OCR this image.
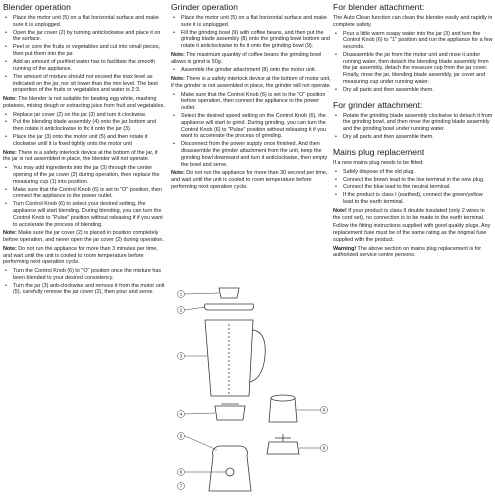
Blender operation
• Place the motor unit (5) on a flat horizontal surface and make sure it is unplugged.
• Open the jar cover (2) by turning anticlockwise and place it on the surface.
• Peel or core the fruits or vegetables and cut into small pieces, then put them into the jar.
• Add an amount of purified water has to facilitate the smooth running of the appliance.
• The amount of mixture should not exceed the max level as indicated on the jar, nor sit lower than the min level. The best proportion of the fruits or vegetables and water is 2:3.

Note: The blender is not suitable for beating egg white, mashing potatoes, mixing dough or extracting juice from fruit and vegetables.

• Replace jar cover (2) on the jar (3) and turn it clockwise.
• Put the blending blade assembly (4) onto the jar bottom and then rotate it anticlockwise to fix it onto the jar (3).
• Place the jar (3) onto the motor unit (5) and then rotate it clockwise until it is fixed tightly onto the motor unit

Note: There is a safety interlock device at the bottom of the jar, if the jar is not assembled in place, the blender will not operate.

• You may add ingredients into the jar (3) through the center opening of the jar cover (2) during operation, then replace the measuring cup (1) into position.
• Make sure that the Control Knob (6) is set to "O" position, then connect the appliance to the power outlet.
• Turn Control Knob (6) to select your desired setting, the appliance will start blending. During blending, you can turn the Control Knob to "Pulse" position without releasing if if you want to accelerate the process of blending.

Note: Make sure the jar cover (2) is placed in position completely before operation, and never open the jar cover (2) during operation.

Note: Do not run the appliance for more than 3 minutes per time, and wait until the unit is cooled to room temperature before performing next operation cycle.

• Turn the Control Knob (6) to "O" position once the mixture has been blended to your desired consistency.
• Turn the jar (3) anti-clockwise and remove it from the motor unit (5), carefully remove the jar cover (2), then pour and serve.
Grinder operation
• Place the motor unit (5) on a flat horizontal surface and make sure it is unplugged.
• Fill the grinding bowl (9) with coffee beans, and then put the grinding blade assembly (8) onto the grinding bowl bottom and rotate it anticlockwise to fix it onto the grinding bowl (9).

Note: The maximum quantity of coffee beans the grinding bowl allows is grind is 50g.

• Assemble the grinder attachment (8) onto the motor unit.

Note: There is a safety interlock device at the bottom of motor unit, if the grinder is not assembled in place, the grinder will not operate.

• Make sure that the Control Knob (6) is set to the "O" position before operation, then connect the appliance to the power outlet.
• Select the desired speed setting on the Control Knob (6), the appliance will start to grind. During grinding, you can turn the Control Knob (6) to "Pulse" position without releasing it if you want to accelerate the process of grinding.
• Disconnect from the power supply once finished. And then disassemble the grinder attachment from the unit, keep the grinding bowl downward and turn it anticlockwise, then empty the bowl and serve.

Note: Do not run the appliance for more than 30 second per time, and wait until the unit is cooled to room temperature before performing next operation cycle.

1
2
3
4
5
6
7
8
9
For blender attachment:

The Auto Clean function can clean the blender easily and rapidly in complete safety.

• Pour a little warm soapy water into the jar (3) and turn the Control Knob (6) to "1" position and run the appliance for a few seconds.
• Disassemble the jar from the motor unit and rinse it under running water, then detach the blending blade assembly from the jar assembly, detach the measure cup from the jar cover. Finally, rinse the jar, blending blade assembly, jar cover and measuring cup under running water.
• Dry all parts and then assemble them.
For grinder attachment:
• Rotate the grinding blade assembly clockwise to detach it from the grinding bowl, and then rinse the grinding blade assembly and the grinding bowl under running water.
• Dry all parts and then assemble them.
Mains plug replacement

If a new mains plug needs to be fitted:

• Safely dispose of the old plug.
• Connect the brown lead to the live terminal in the new plug.
• Connect the blue lead to the neutral terminal.
• If the product is class I (earthed), connect the green/yellow lead to the earth terminal.

Note! If your product is class II double insulated (only 2 wires in the cord set), no connection is to be made to the earth terminal.

Follow the fitting instructions supplied with good quality plugs. Any replacement fuse must be of the same rating as the original fuse supplied with the product.

Warning! The above section on mains plug replacement is for authorized service centre persons.
